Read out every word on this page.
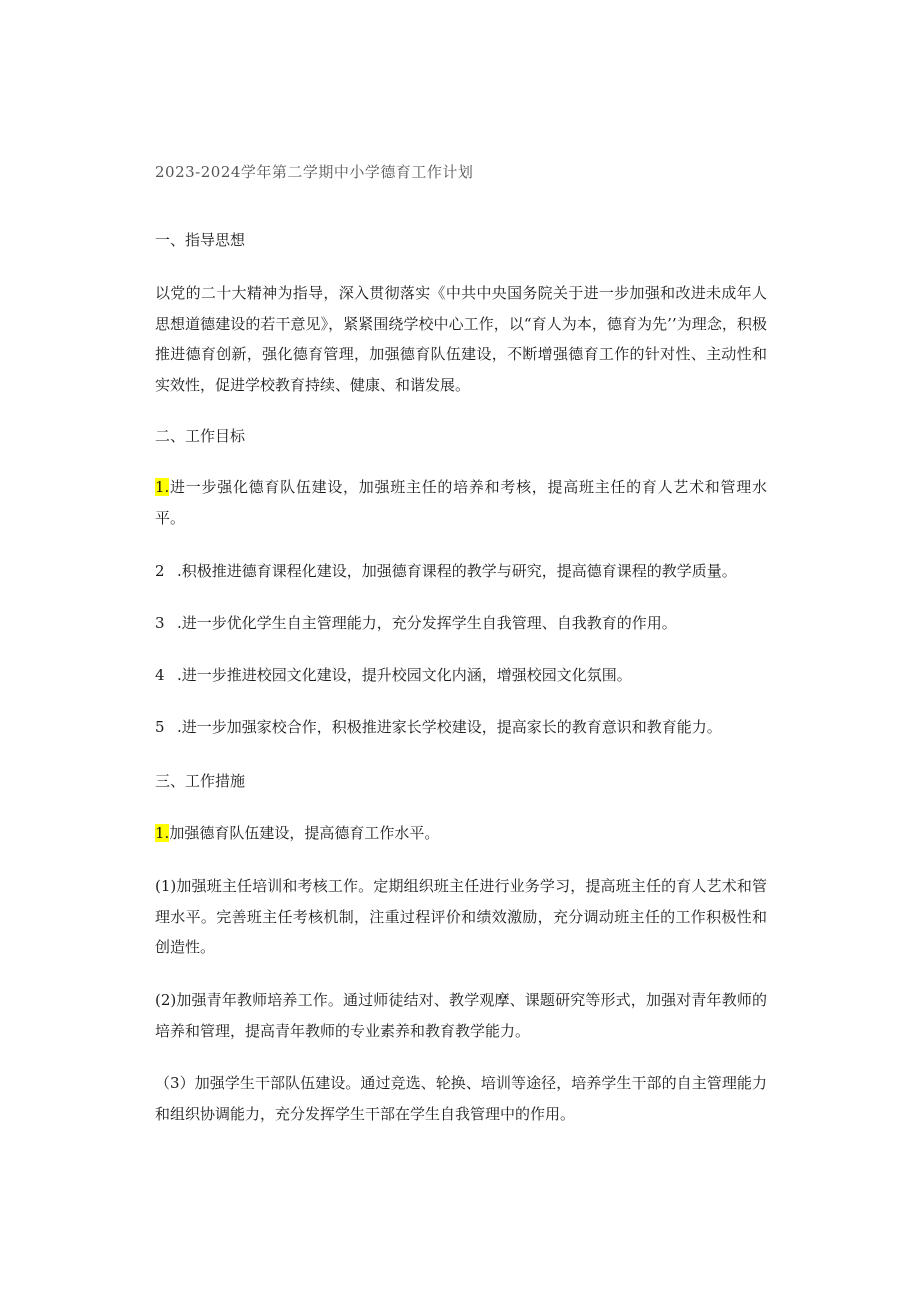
2023-2024学年第二学期中小学德育工作计划
一、指导思想
以党的二十大精神为指导，深入贯彻落实《中共中央国务院关于进一步加强和改进未成年人思想道德建设的若干意见》，紧紧围绕学校中心工作，以“育人为本，德育为先’’为理念，积极推进德育创新，强化德育管理，加强德育队伍建设，不断增强德育工作的针对性、主动性和实效性，促进学校教育持续、健康、和谐发展。
二、工作目标
1.进一步强化德育队伍建设，加强班主任的培养和考核，提高班主任的育人艺术和管理水平。
2 .积极推进德育课程化建设，加强德育课程的教学与研究，提高德育课程的教学质量。
3 .进一步优化学生自主管理能力，充分发挥学生自我管理、自我教育的作用。
4 .进一步推进校园文化建设，提升校园文化内涵，增强校园文化氛围。
5 .进一步加强家校合作，积极推进家长学校建设，提高家长的教育意识和教育能力。
三、工作措施
1.加强德育队伍建设，提高德育工作水平。
(1)加强班主任培训和考核工作。定期组织班主任进行业务学习，提高班主任的育人艺术和管理水平。完善班主任考核机制，注重过程评价和绩效激励，充分调动班主任的工作积极性和创造性。
(2)加强青年教师培养工作。通过师徒结对、教学观摩、课题研究等形式，加强对青年教师的培养和管理，提高青年教师的专业素养和教育教学能力。
（3）加强学生干部队伍建设。通过竞选、轮换、培训等途径，培养学生干部的自主管理能力和组织协调能力，充分发挥学生干部在学生自我管理中的作用。
